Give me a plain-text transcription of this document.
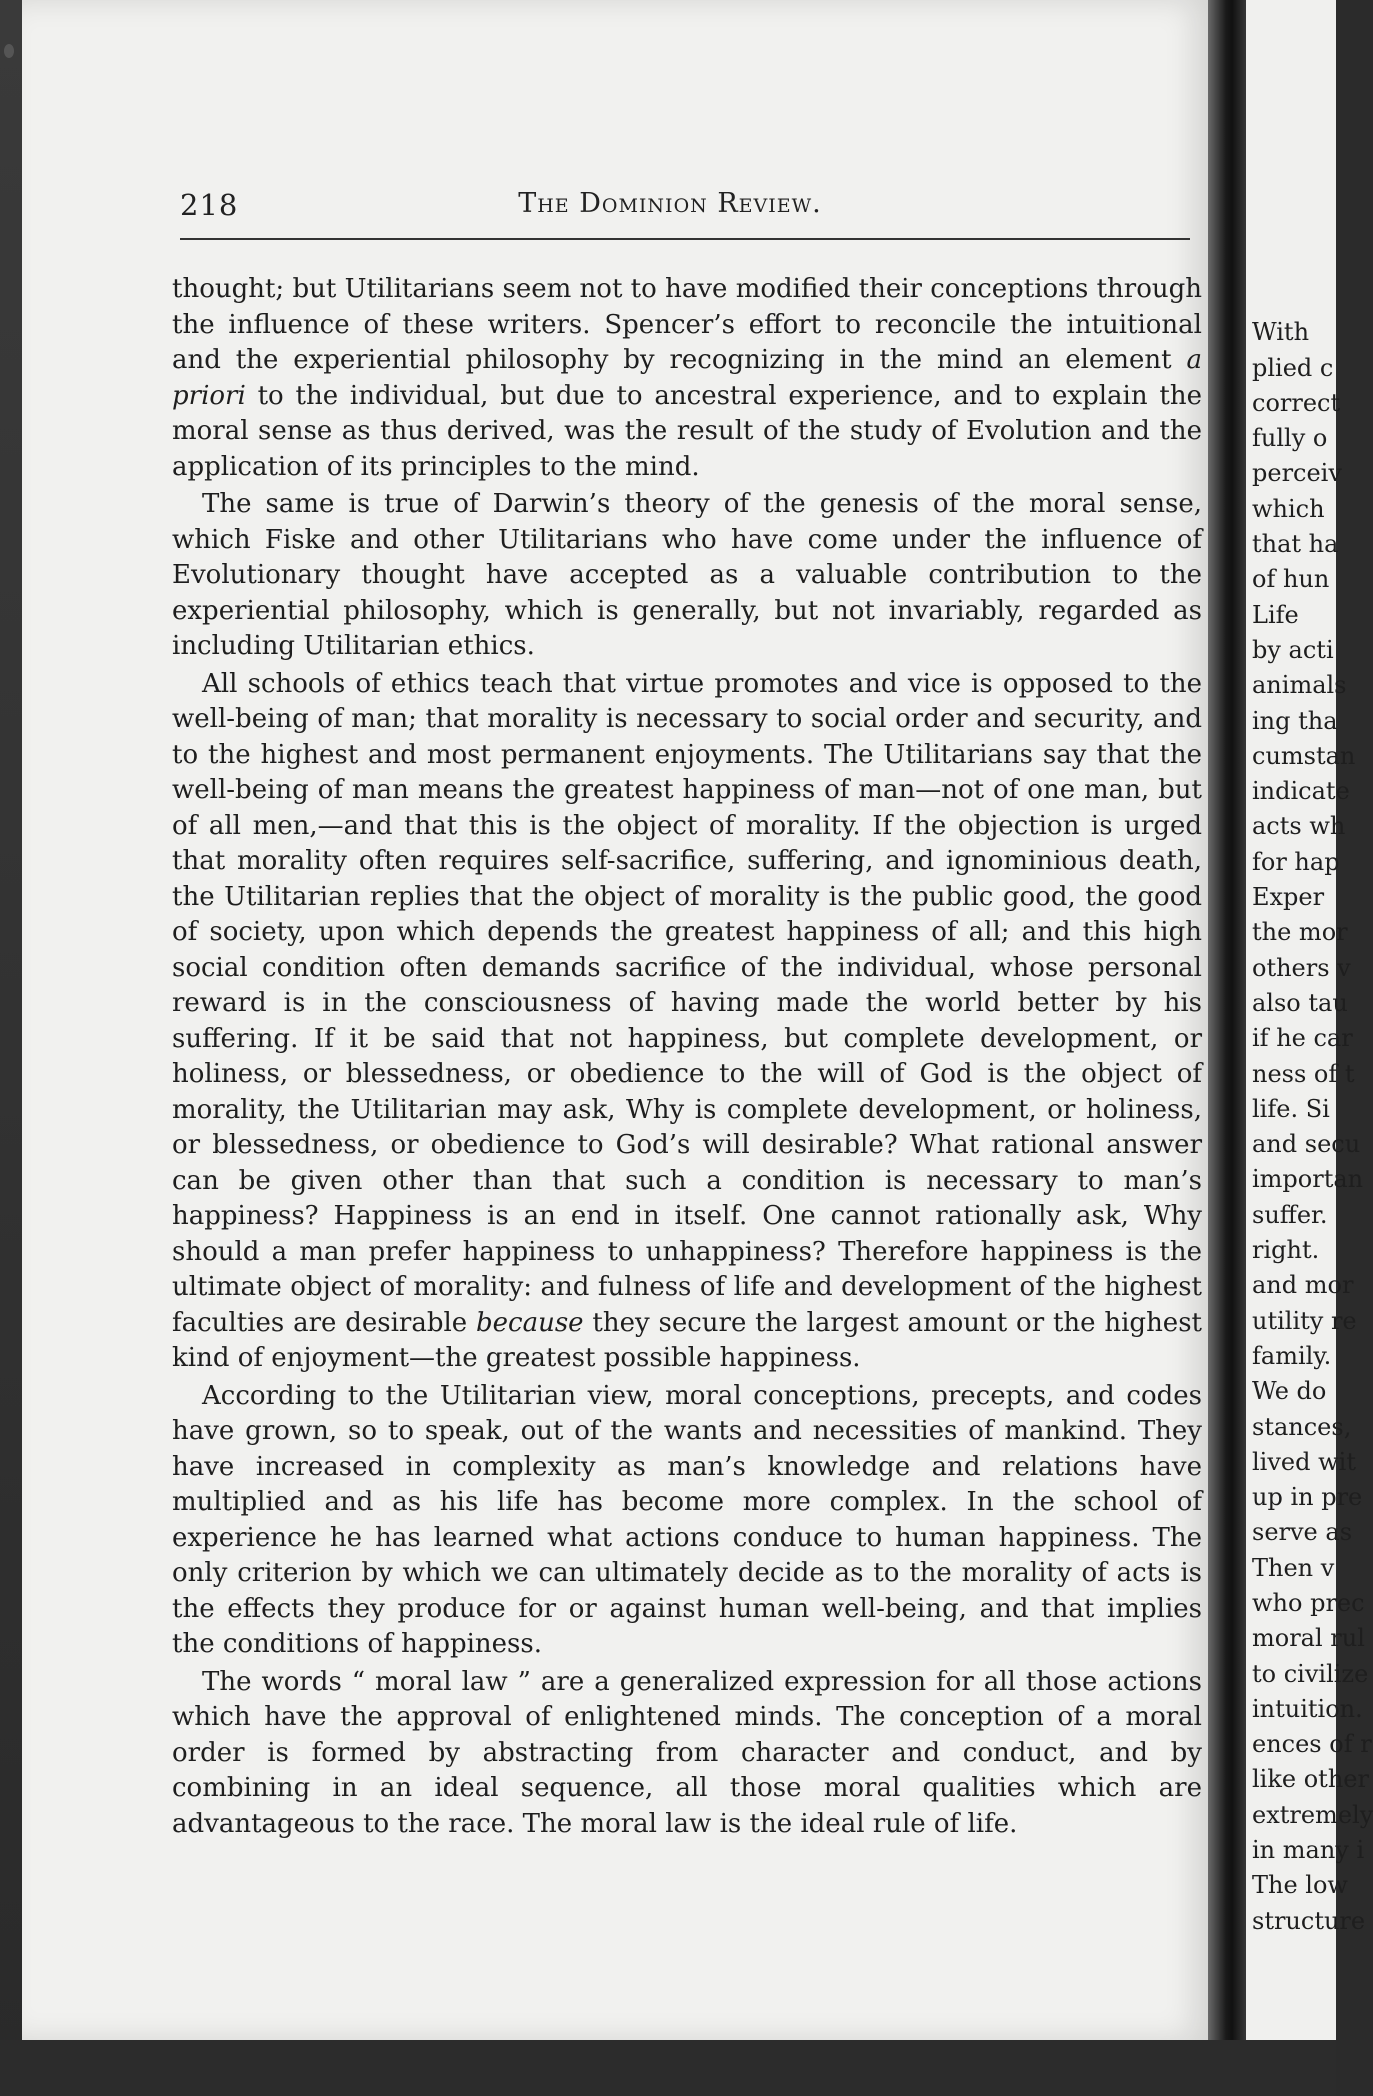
218	The Dominion Review.

thought; but Utilitarians seem not to have modified their conceptions through the influence of these writers. Spencer’s effort to reconcile the intuitional and the experiential philosophy by recognizing in the mind an element a priori to the individual, but due to ancestral experience, and to explain the moral sense as thus derived, was the result of the study of Evolution and the application of its principles to the mind.

The same is true of Darwin’s theory of the genesis of the moral sense, which Fiske and other Utilitarians who have come under the influence of Evolutionary thought have accepted as a valuable contribution to the experiential philosophy, which is generally, but not invariably, regarded as including Utilitarian ethics.

All schools of ethics teach that virtue promotes and vice is opposed to the well-being of man; that morality is necessary to social order and security, and to the highest and most permanent enjoyments. The Utilitarians say that the well-being of man means the greatest happiness of man—not of one man, but of all men,—and that this is the object of morality. If the objection is urged that morality often requires self-sacrifice, suffering, and ignominious death, the Utilitarian replies that the object of morality is the public good, the good of society, upon which depends the greatest happiness of all; and this high social condition often demands sacrifice of the individual, whose personal reward is in the consciousness of having made the world better by his suffering. If it be said that not happiness, but complete development, or holiness, or blessedness, or obedience to the will of God is the object of morality, the Utilitarian may ask, Why is complete development, or holiness, or blessedness, or obedience to God’s will desirable? What rational answer can be given other than that such a condition is necessary to man’s happiness? Happiness is an end in itself. One cannot rationally ask, Why should a man prefer happiness to unhappiness? Therefore happiness is the ultimate object of morality: and fulness of life and development of the highest faculties are desirable because they secure the largest amount or the highest kind of enjoyment—the greatest possible happiness.

According to the Utilitarian view, moral conceptions, precepts, and codes have grown, so to speak, out of the wants and necessities of mankind. They have increased in complexity as man’s knowledge and relations have multiplied and as his life has become more complex. In the school of experience he has learned what actions conduce to human happiness. The only criterion by which we can ultimately decide as to the morality of acts is the effects they produce for or against human well-being, and that implies the conditions of happiness.

The words “ moral law ” are a generalized expression for all those actions which have the approval of enlightened minds. The conception of a moral order is formed by abstracting from character and conduct, and by combining in an ideal sequence, all those moral qualities which are advantageous to the race. The moral law is the ideal rule of life.

With
plied c
correct
fully o
perceiv
which
that ha
of hun
Life
by acti
animals
ing tha
cumstan
indicate
acts wh
for hap
Exper
the mor
others v
also tau
if he car
ness of t
life. Si
and secu
importan
suffer.
right.
and mor
utility re
family.
We do
stances,
lived wit
up in pre
serve as
Then v
who prec
moral rul
to civilize
intuition.
ences of r
like other
extremely
in many i
The low
structure
